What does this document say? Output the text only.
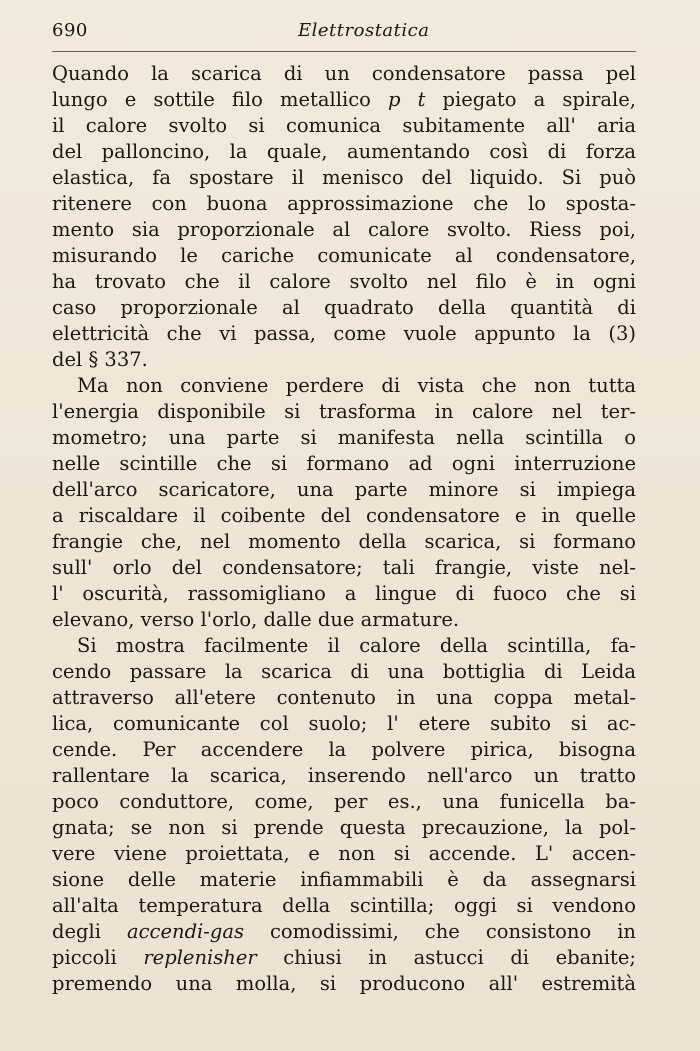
690	Elettrostatica
Quando la scarica di un condensatore passa pel
lungo e sottile filo metallico p t piegato a spirale,
il calore svolto si comunica subitamente all' aria
del palloncino, la quale, aumentando così di forza
elastica, fa spostare il menisco del liquido. Si può
ritenere con buona approssimazione che lo sposta-
mento sia proporzionale al calore svolto. Riess poi,
misurando le cariche comunicate al condensatore,
ha trovato che il calore svolto nel filo è in ogni
caso proporzionale al quadrato della quantità di
elettricità che vi passa, come vuole appunto la (3)
del § 337.
Ma non conviene perdere di vista che non tutta
l'energia disponibile si trasforma in calore nel ter-
mometro; una parte si manifesta nella scintilla o
nelle scintille che si formano ad ogni interruzione
dell'arco scaricatore, una parte minore si impiega
a riscaldare il coibente del condensatore e in quelle
frangie che, nel momento della scarica, si formano
sull' orlo del condensatore; tali frangie, viste nel-
l' oscurità, rassomigliano a lingue di fuoco che si
elevano, verso l'orlo, dalle due armature.
Si mostra facilmente il calore della scintilla, fa-
cendo passare la scarica di una bottiglia di Leida
attraverso all'etere contenuto in una coppa metal-
lica, comunicante col suolo; l' etere subito si ac-
cende. Per accendere la polvere pirica, bisogna
rallentare la scarica, inserendo nell'arco un tratto
poco conduttore, come, per es., una funicella ba-
gnata; se non si prende questa precauzione, la pol-
vere viene proiettata, e non si accende. L' accen-
sione delle materie infiammabili è da assegnarsi
all'alta temperatura della scintilla; oggi si vendono
degli accendi-gas comodissimi, che consistono in
piccoli replenisher chiusi in astucci di ebanite;
premendo una molla, si producono all' estremità
